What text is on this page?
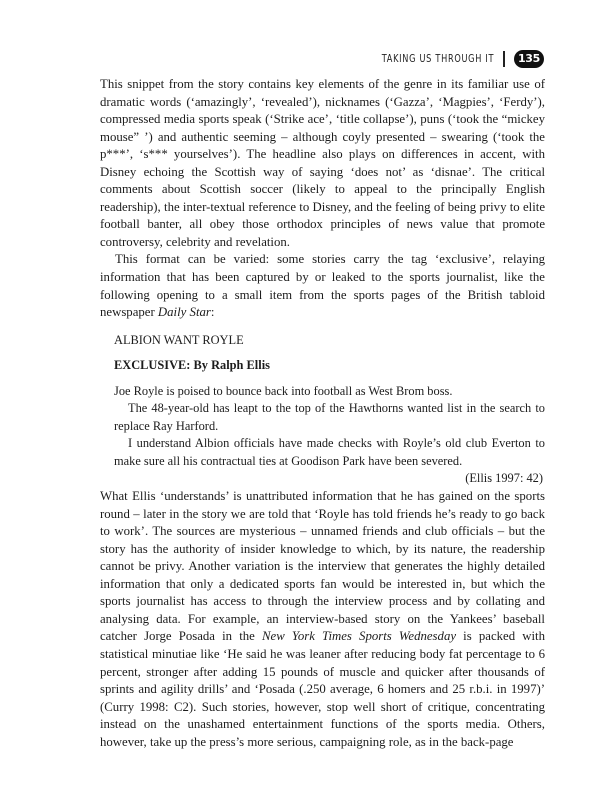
TAKING US THROUGH IT	135

This snippet from the story contains key elements of the genre in its familiar use of dramatic words (‘amazingly’, ‘revealed’), nicknames (‘Gazza’, ‘Magpies’, ‘Ferdy’), compressed media sports speak (‘Strike ace’, ‘title collapse’), puns (‘took the “mickey mouse” ’) and authentic seeming – although coyly presented – swearing (‘took the p***’, ‘s*** yourselves’). The headline also plays on differences in accent, with Disney echoing the Scottish way of saying ‘does not’ as ‘disnae’. The critical comments about Scottish soccer (likely to appeal to the principally English readership), the inter-textual reference to Disney, and the feeling of being privy to elite football banter, all obey those orthodox principles of news value that promote controversy, celebrity and revelation.

This format can be varied: some stories carry the tag ‘exclusive’, relaying information that has been captured by or leaked to the sports journalist, like the following opening to a small item from the sports pages of the British tabloid newspaper Daily Star:

ALBION WANT ROYLE

EXCLUSIVE: By Ralph Ellis

Joe Royle is poised to bounce back into football as West Brom boss.

The 48-year-old has leapt to the top of the Hawthorns wanted list in the search to replace Ray Harford.

I understand Albion officials have made checks with Royle’s old club Everton to make sure all his contractual ties at Goodison Park have been severed.

(Ellis 1997: 42)

What Ellis ‘understands’ is unattributed information that he has gained on the sports round – later in the story we are told that ‘Royle has told friends he’s ready to go back to work’. The sources are mysterious – unnamed friends and club officials – but the story has the authority of insider knowledge to which, by its nature, the readership cannot be privy. Another variation is the interview that generates the highly detailed information that only a dedicated sports fan would be interested in, but which the sports journalist has access to through the interview process and by collating and analysing data. For example, an interview-based story on the Yankees’ baseball catcher Jorge Posada in the New York Times Sports Wednesday is packed with statistical minutiae like ‘He said he was leaner after reducing body fat percentage to 6 percent, stronger after adding 15 pounds of muscle and quicker after thousands of sprints and agility drills’ and ‘Posada (.250 average, 6 homers and 25 r.b.i. in 1997)’ (Curry 1998: C2). Such stories, however, stop well short of critique, concentrating instead on the unashamed entertainment functions of the sports media. Others, however, take up the press’s more serious, campaigning role, as in the back-page
